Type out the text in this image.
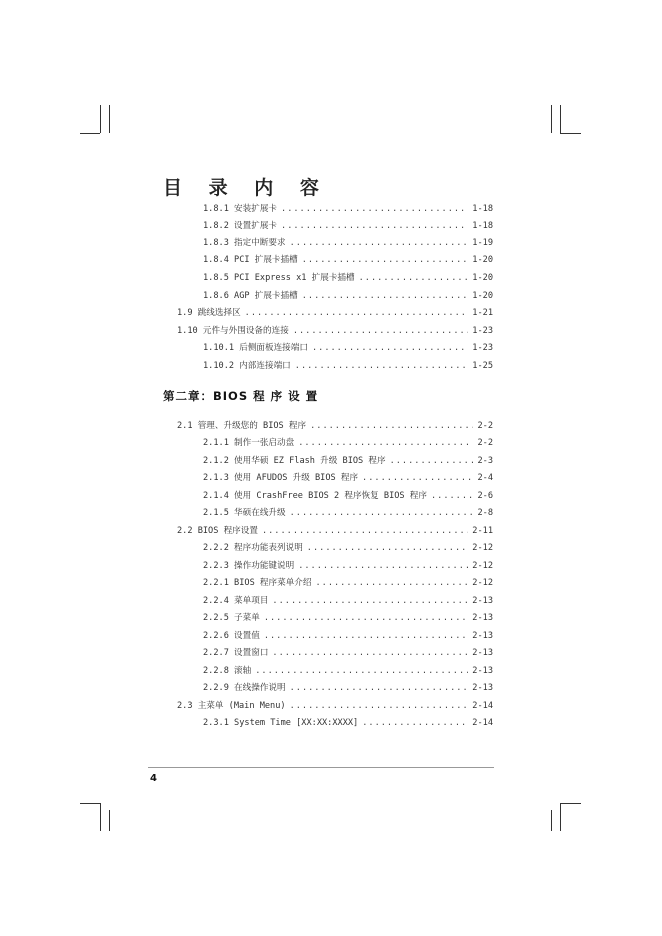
目 录 内 容
1.8.1 安装扩展卡 .....	1-18
1.8.2 设置扩展卡 .....	1-18
1.8.3 指定中断要求 .....	1-19
1.8.4 PCI 扩展卡插槽 .....	1-20
1.8.5 PCI Express x1 扩展卡插槽 .....	1-20
1.8.6 AGP 扩展卡插槽 .....	1-20
1.9 跳线选择区 .....	1-21
1.10 元件与外围设备的连接 .....	1-23
1.10.1 后侧面板连接端口 .....	1-23
1.10.2 内部连接端口 .....	1-25
第二章：BIOS 程 序 设 置
2.1 管理、升级您的 BIOS 程序 .....	2-2
2.1.1 制作一张启动盘 .....	2-2
2.1.2 使用华硕 EZ Flash 升级 BIOS 程序 .....	2-3
2.1.3 使用 AFUDOS 升级 BIOS 程序 .....	2-4
2.1.4 使用 CrashFree BIOS 2 程序恢复 BIOS 程序 .....	2-6
2.1.5 华硕在线升级 .....	2-8
2.2 BIOS 程序设置 .....	2-11
2.2.2 程序功能表列说明 .....	2-12
2.2.3 操作功能键说明 .....	2-12
2.2.1 BIOS 程序菜单介绍 .....	2-12
2.2.4 菜单项目 .....	2-13
2.2.5 子菜单 .....	2-13
2.2.6 设置值 .....	2-13
2.2.7 设置窗口 .....	2-13
2.2.8 滚轴 .....	2-13
2.2.9 在线操作说明 .....	2-13
2.3 主菜单 (Main Menu) .....	2-14
2.3.1 System Time [XX:XX:XXXX] .....	2-14
4
